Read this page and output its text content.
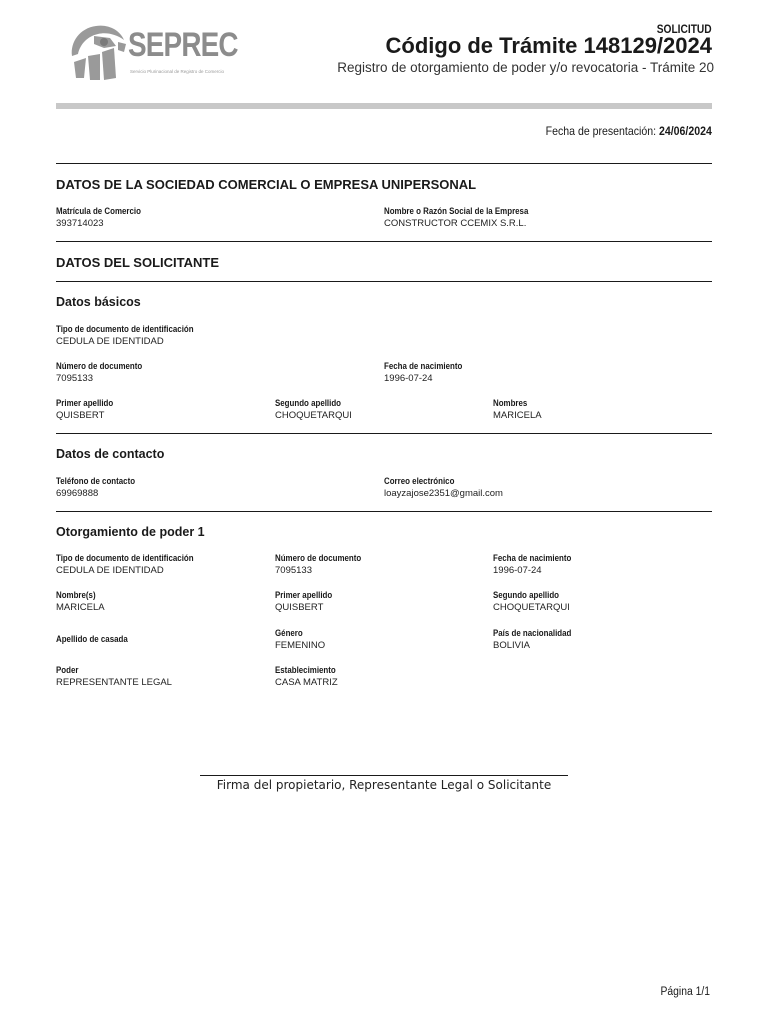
SEPREC
Servicio Plurinacional de Registro de Comercio
SOLICITUD
Código de Trámite 148129/2024
Registro de otorgamiento de poder y/o revocatoria - Trámite 20
Fecha de presentación: 24/06/2024
DATOS DE LA SOCIEDAD COMERCIAL O EMPRESA UNIPERSONAL
Matrícula de Comercio
393714023
Nombre o Razón Social de la Empresa
CONSTRUCTOR CCEMIX S.R.L.
DATOS DEL SOLICITANTE
Datos básicos
Tipo de documento de identificación
CEDULA DE IDENTIDAD
Número de documento
7095133
Fecha de nacimiento
1996-07-24
Primer apellido
QUISBERT
Segundo apellido
CHOQUETARQUI
Nombres
MARICELA
Datos de contacto
Teléfono de contacto
69969888
Correo electrónico
loayzajose2351@gmail.com
Otorgamiento de poder 1
Tipo de documento de identificación
CEDULA DE IDENTIDAD
Número de documento
7095133
Fecha de nacimiento
1996-07-24
Nombre(s)
MARICELA
Primer apellido
QUISBERT
Segundo apellido
CHOQUETARQUI
Apellido de casada
Género
FEMENINO
País de nacionalidad
BOLIVIA
Poder
REPRESENTANTE LEGAL
Establecimiento
CASA MATRIZ
Firma del propietario, Representante Legal o Solicitante
Página 1/1
